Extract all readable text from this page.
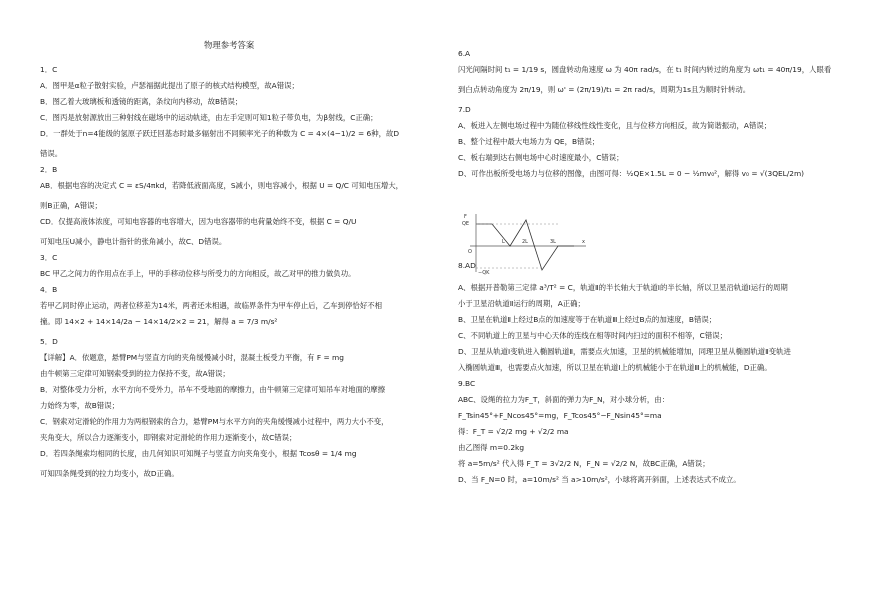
物理参考答案
1．C
A．图甲是α粒子散射实验，卢瑟福据此提出了原子的核式结构模型，故A错误；
B．图乙着大玻璃板和透镜的距离，条纹向内移动，故B错误；
C．图丙是放射源放出三种射线在磁场中的运动轨迹，由左手定则可知1粒子带负电，为β射线，C正确；
D．一群处于n=4能级的氢原子跃迁回基态时最多辐射出不同频率光子的种数为 C = 4×(4−1)/2 = 6种，故D
错误。
2．B
AB．根据电容的决定式 C = εS/4πkd，若降低液面高度，S减小，则电容减小，根据 U = Q/C 可知电压增大，
则B正确，A错误；
CD．仅提高液体浓度，可知电容器的电容增大，因为电容器带的电荷量始终不变，根据 C = Q/U
可知电压U减小，静电计指针的张角减小，故C、D错误。
3．C
BC 甲乙之间力的作用点在手上，甲的手移动位移与所受力的方向相反，故乙对甲的推力做负功。
4．B
若甲乙同时停止运动，两者位移差为14米，两者还未相遇，故临界条件为甲车停止后，乙车到停恰好不相
撞。即 14×2 + 14×14/2a − 14×14/2×2 = 21，解得 a = 7/3 m/s²
5．D
【详解】A．依题意，悬臂PM与竖直方向的夹角缓慢减小时，混凝土板受力平衡，有 F = mg
由牛顿第三定律可知钢索受到的拉力保持不变，故A错误；
B．对整体受力分析，水平方向不受外力，吊车不受地面的摩擦力，由牛顿第三定律可知吊车对地面的摩擦
力始终为零，故B错误；
C．钢索对定滑轮的作用力为两根钢索的合力，悬臂PM与水平方向的夹角缓慢减小过程中，两力大小不变，
夹角变大，所以合力逐渐变小，即钢索对定滑轮的作用力逐渐变小，故C错误；
D．若四条绳索均相同的长度，由几何知识可知绳子与竖直方向夹角变小，根据 Tcosθ = 1/4 mg
可知四条绳受到的拉力均变小，故D正确。
6.A
闪光间隔时间 t₁ = 1/19 s，圆盘转动角速度 ω 为 40π rad/s，在 t₁ 时间内转过的角度为 ωt₁ = 40π/19，人眼看
到白点转动角度为 2π/19，则 ω' = (2π/19)/t₁ = 2π rad/s，周期为1s且为顺时针转动。
7.D
A、板进入左侧电场过程中为随位移线性线性变化，且与位移方向相反，故为简谐振动，A错误；
B、整个过程中最大电场力为 QE，B错误；
C、板右端到达右侧电场中心时速度最小，C错误；
D、可作出板所受电场力与位移的图像，由图可得：½QE×1.5L = 0 − ½mv₀²，解得 v₀ = √(3QEL/2m)
8.AD
A、根据开普勒第三定律 a³/T² = C，轨道Ⅱ的半长轴大于轨道Ⅰ的半长轴，所以卫星沿轨道Ⅰ运行的周期
小于卫星沿轨道Ⅱ运行的周期，A正确；
B、卫星在轨道Ⅱ上经过B点的加速度等于在轨道Ⅲ上经过B点的加速度，B错误；
C、不同轨道上的卫星与中心天体的连线在相等时间内扫过的面积不相等，C错误；
D、卫星从轨道Ⅰ变轨进入椭圆轨道Ⅱ，需要点火加速，卫星的机械能增加，同理卫星从椭圆轨道Ⅱ变轨进
入椭圆轨道Ⅲ，也需要点火加速，所以卫星在轨道Ⅰ上的机械能小于在轨道Ⅲ上的机械能，D正确。
9.BC
ABC、设绳的拉力为F_T，斜面的弹力为F_N，对小球分析，由：
F_Tsin45°+F_Ncos45°=mg，F_Tcos45°−F_Nsin45°=ma
得：F_T = √2/2 mg + √2/2 ma
由乙图得 m=0.2kg
将 a=5m/s² 代入得 F_T = 3√2/2 N，F_N = √2/2 N，故BC正确，A错误；
D、当 F_N=0 时，a=10m/s² 当 a>10m/s²，小球将离开斜面，上述表达式不成立。
F
QE
O
L	2L	3L	x
−QK
